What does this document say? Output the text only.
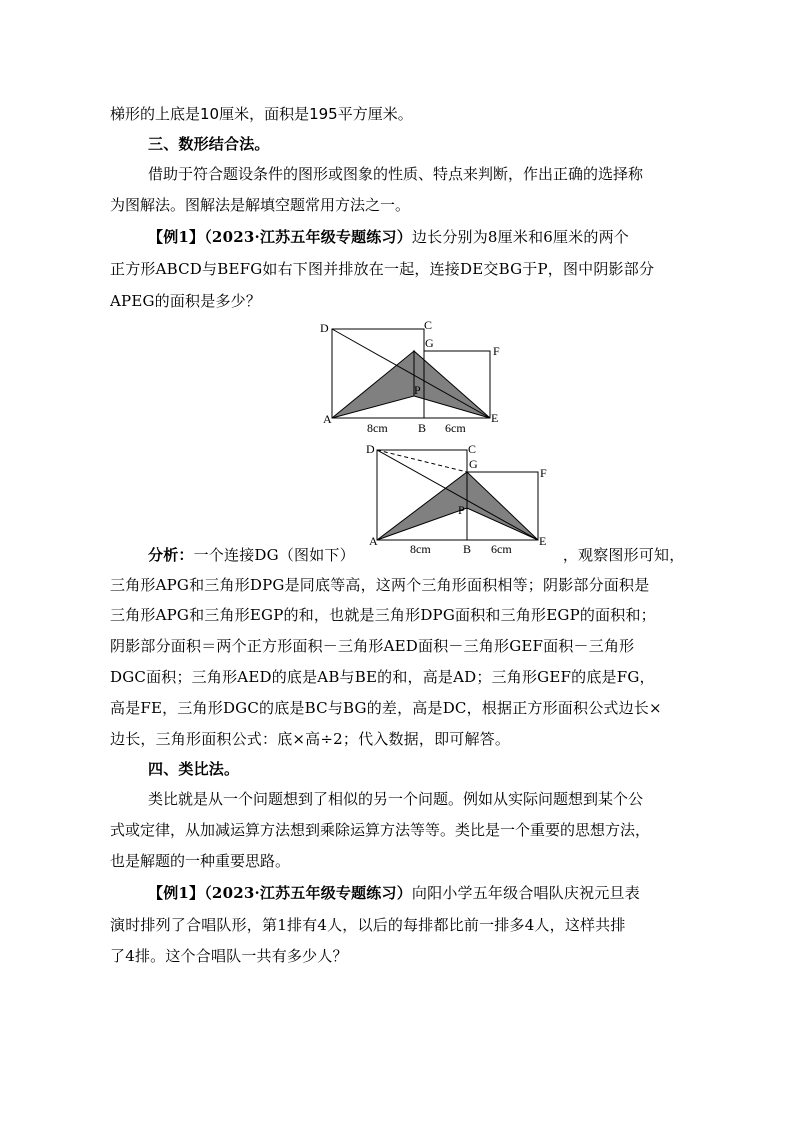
梯形的上底是10厘米，面积是195平方厘米。
三、数形结合法。
借助于符合题设条件的图形或图象的性质、特点来判断，作出正确的选择称
为图解法。图解法是解填空题常用方法之一。
【例1】（2023·江苏五年级专题练习）边长分别为8厘米和6厘米的两个
正方形ABCD与BEFG如右下图并排放在一起，连接DE交BG于P，图中阴影部分
APEG的面积是多少？
D	C
G
F
P
A	E
B
8cm	6cm
D	C
G
F
P
A	E
B
8cm	6cm
分析：一个连接DG（图如下）	，观察图形可知，
三角形APG和三角形DPG是同底等高，这两个三角形面积相等；阴影部分面积是
三角形APG和三角形EGP的和，也就是三角形DPG面积和三角形EGP的面积和；
阴影部分面积＝两个正方形面积－三角形AED面积－三角形GEF面积－三角形
DGC面积；三角形AED的底是AB与BE的和，高是AD；三角形GEF的底是FG，
高是FE，三角形DGC的底是BC与BG的差，高是DC，根据正方形面积公式边长×
边长，三角形面积公式：底×高÷2；代入数据，即可解答。
四、类比法。
类比就是从一个问题想到了相似的另一个问题。例如从实际问题想到某个公
式或定律，从加减运算方法想到乘除运算方法等等。类比是一个重要的思想方法，
也是解题的一种重要思路。
【例1】（2023·江苏五年级专题练习）向阳小学五年级合唱队庆祝元旦表
演时排列了合唱队形，第1排有4人，以后的每排都比前一排多4人，这样共排
了4排。这个合唱队一共有多少人？
